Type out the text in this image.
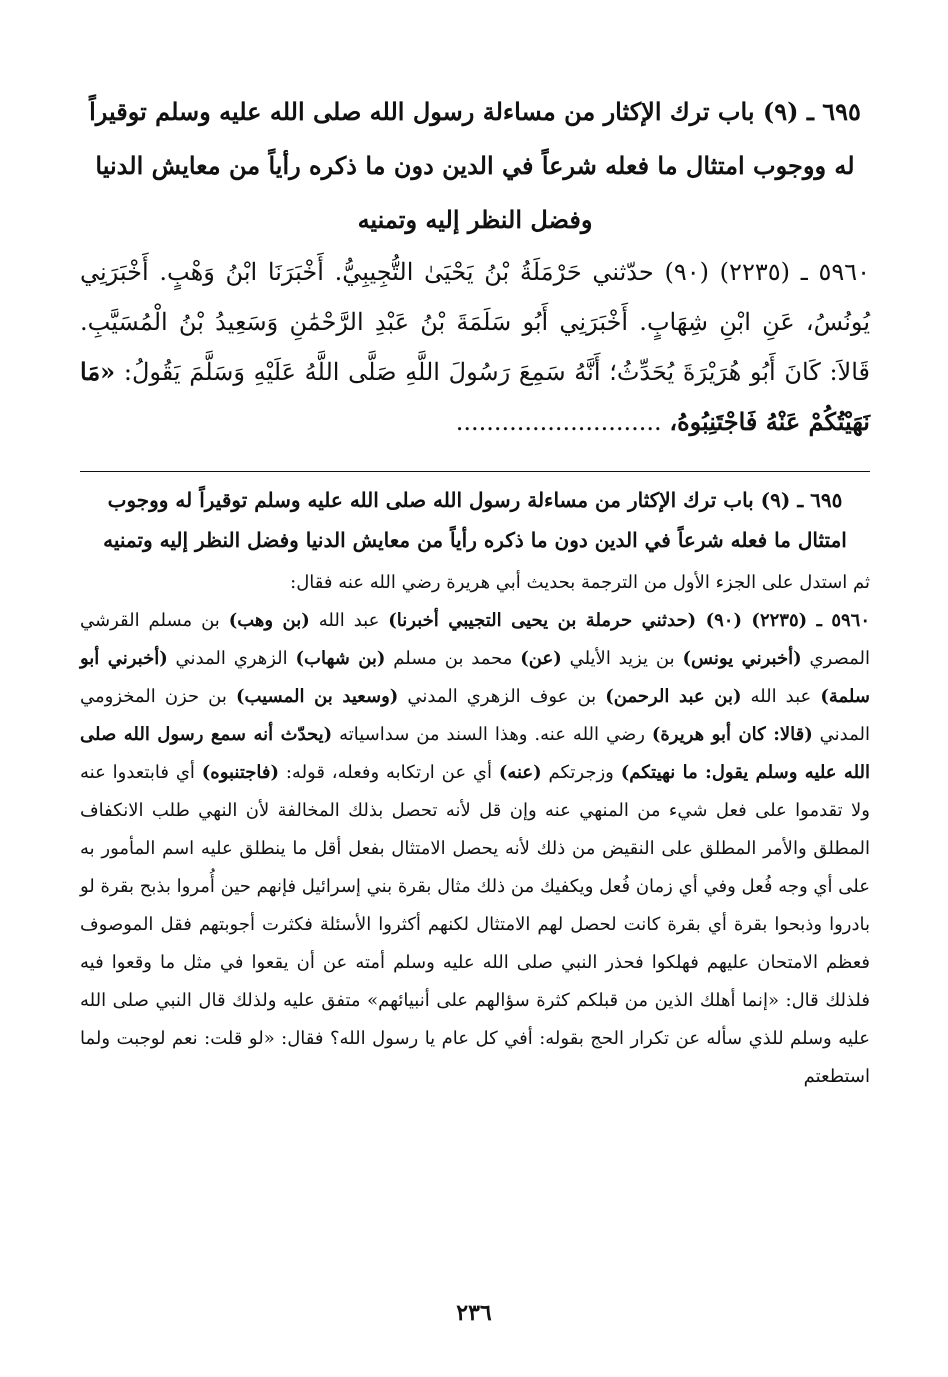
٦٩٥ ـ (٩) باب ترك الإكثار من مساءلة رسول الله صلى الله عليه وسلم توقيراً له ووجوب امتثال ما فعله شرعاً في الدين دون ما ذكره رأياً من معايش الدنيا وفضل النظر إليه وتمنيه

٥٩٦٠ ـ (٢٢٣٥) (٩٠) حدّثني حَرْمَلَةُ بْنُ يَحْيَىٰ التُّجِيبِيُّ. أَخْبَرَنَا ابْنُ وَهْبٍ. أَخْبَرَنِي يُونُسُ، عَنِ ابْنِ شِهَابٍ. أَخْبَرَنِي أَبُو سَلَمَةَ بْنُ عَبْدِ الرَّحْمَٰنِ وَسَعِيدُ بْنُ الْمُسَيَّبِ. قَالاَ: كَانَ أَبُو هُرَيْرَةَ يُحَدِّثُ؛ أَنَّهُ سَمِعَ رَسُولَ اللَّهِ صَلَّى اللَّهُ عَلَيْهِ وَسَلَّمَ يَقُولُ: «مَا نَهَيْتُكُمْ عَنْهُ فَاجْتَنِبُوهُ، ...........................

٦٩٥ ـ (٩) باب ترك الإكثار من مساءلة رسول الله صلى الله عليه وسلم توقيراً له ووجوب امتثال ما فعله شرعاً في الدين دون ما ذكره رأياً من معايش الدنيا وفضل النظر إليه وتمنيه

ثم استدل على الجزء الأول من الترجمة بحديث أبي هريرة رضي الله عنه فقال:

٥٩٦٠ ـ (٢٢٣٥) (٩٠) (حدثني حرملة بن يحيى التجيبي أخبرنا) عبد الله (بن وهب) بن مسلم القرشي المصري (أخبرني يونس) بن يزيد الأيلي (عن) محمد بن مسلم (بن شهاب) الزهري المدني (أخبرني أبو سلمة) عبد الله (بن عبد الرحمن) بن عوف الزهري المدني (وسعيد بن المسيب) بن حزن المخزومي المدني (قالا: كان أبو هريرة) رضي الله عنه. وهذا السند من سداسياته (يحدّث أنه سمع رسول الله صلى الله عليه وسلم يقول: ما نهيتكم) وزجرتكم (عنه) أي عن ارتكابه وفعله، قوله: (فاجتنبوه) أي فابتعدوا عنه ولا تقدموا على فعل شيء من المنهي عنه وإن قل لأنه تحصل بذلك المخالفة لأن النهي طلب الانكفاف المطلق والأمر المطلق على النقيض من ذلك لأنه يحصل الامتثال بفعل أقل ما ينطلق عليه اسم المأمور به على أي وجه فُعل وفي أي زمان فُعل ويكفيك من ذلك مثال بقرة بني إسرائيل فإنهم حين أُمروا بذبح بقرة لو بادروا وذبحوا بقرة أي بقرة كانت لحصل لهم الامتثال لكنهم أكثروا الأسئلة فكثرت أجوبتهم فقل الموصوف فعظم الامتحان عليهم فهلكوا فحذر النبي صلى الله عليه وسلم أمته عن أن يقعوا في مثل ما وقعوا فيه فلذلك قال: «إنما أهلك الذين من قبلكم كثرة سؤالهم على أنبيائهم» متفق عليه ولذلك قال النبي صلى الله عليه وسلم للذي سأله عن تكرار الحج بقوله: أفي كل عام يا رسول الله؟ فقال: «لو قلت: نعم لوجبت ولما استطعتم

٢٣٦
